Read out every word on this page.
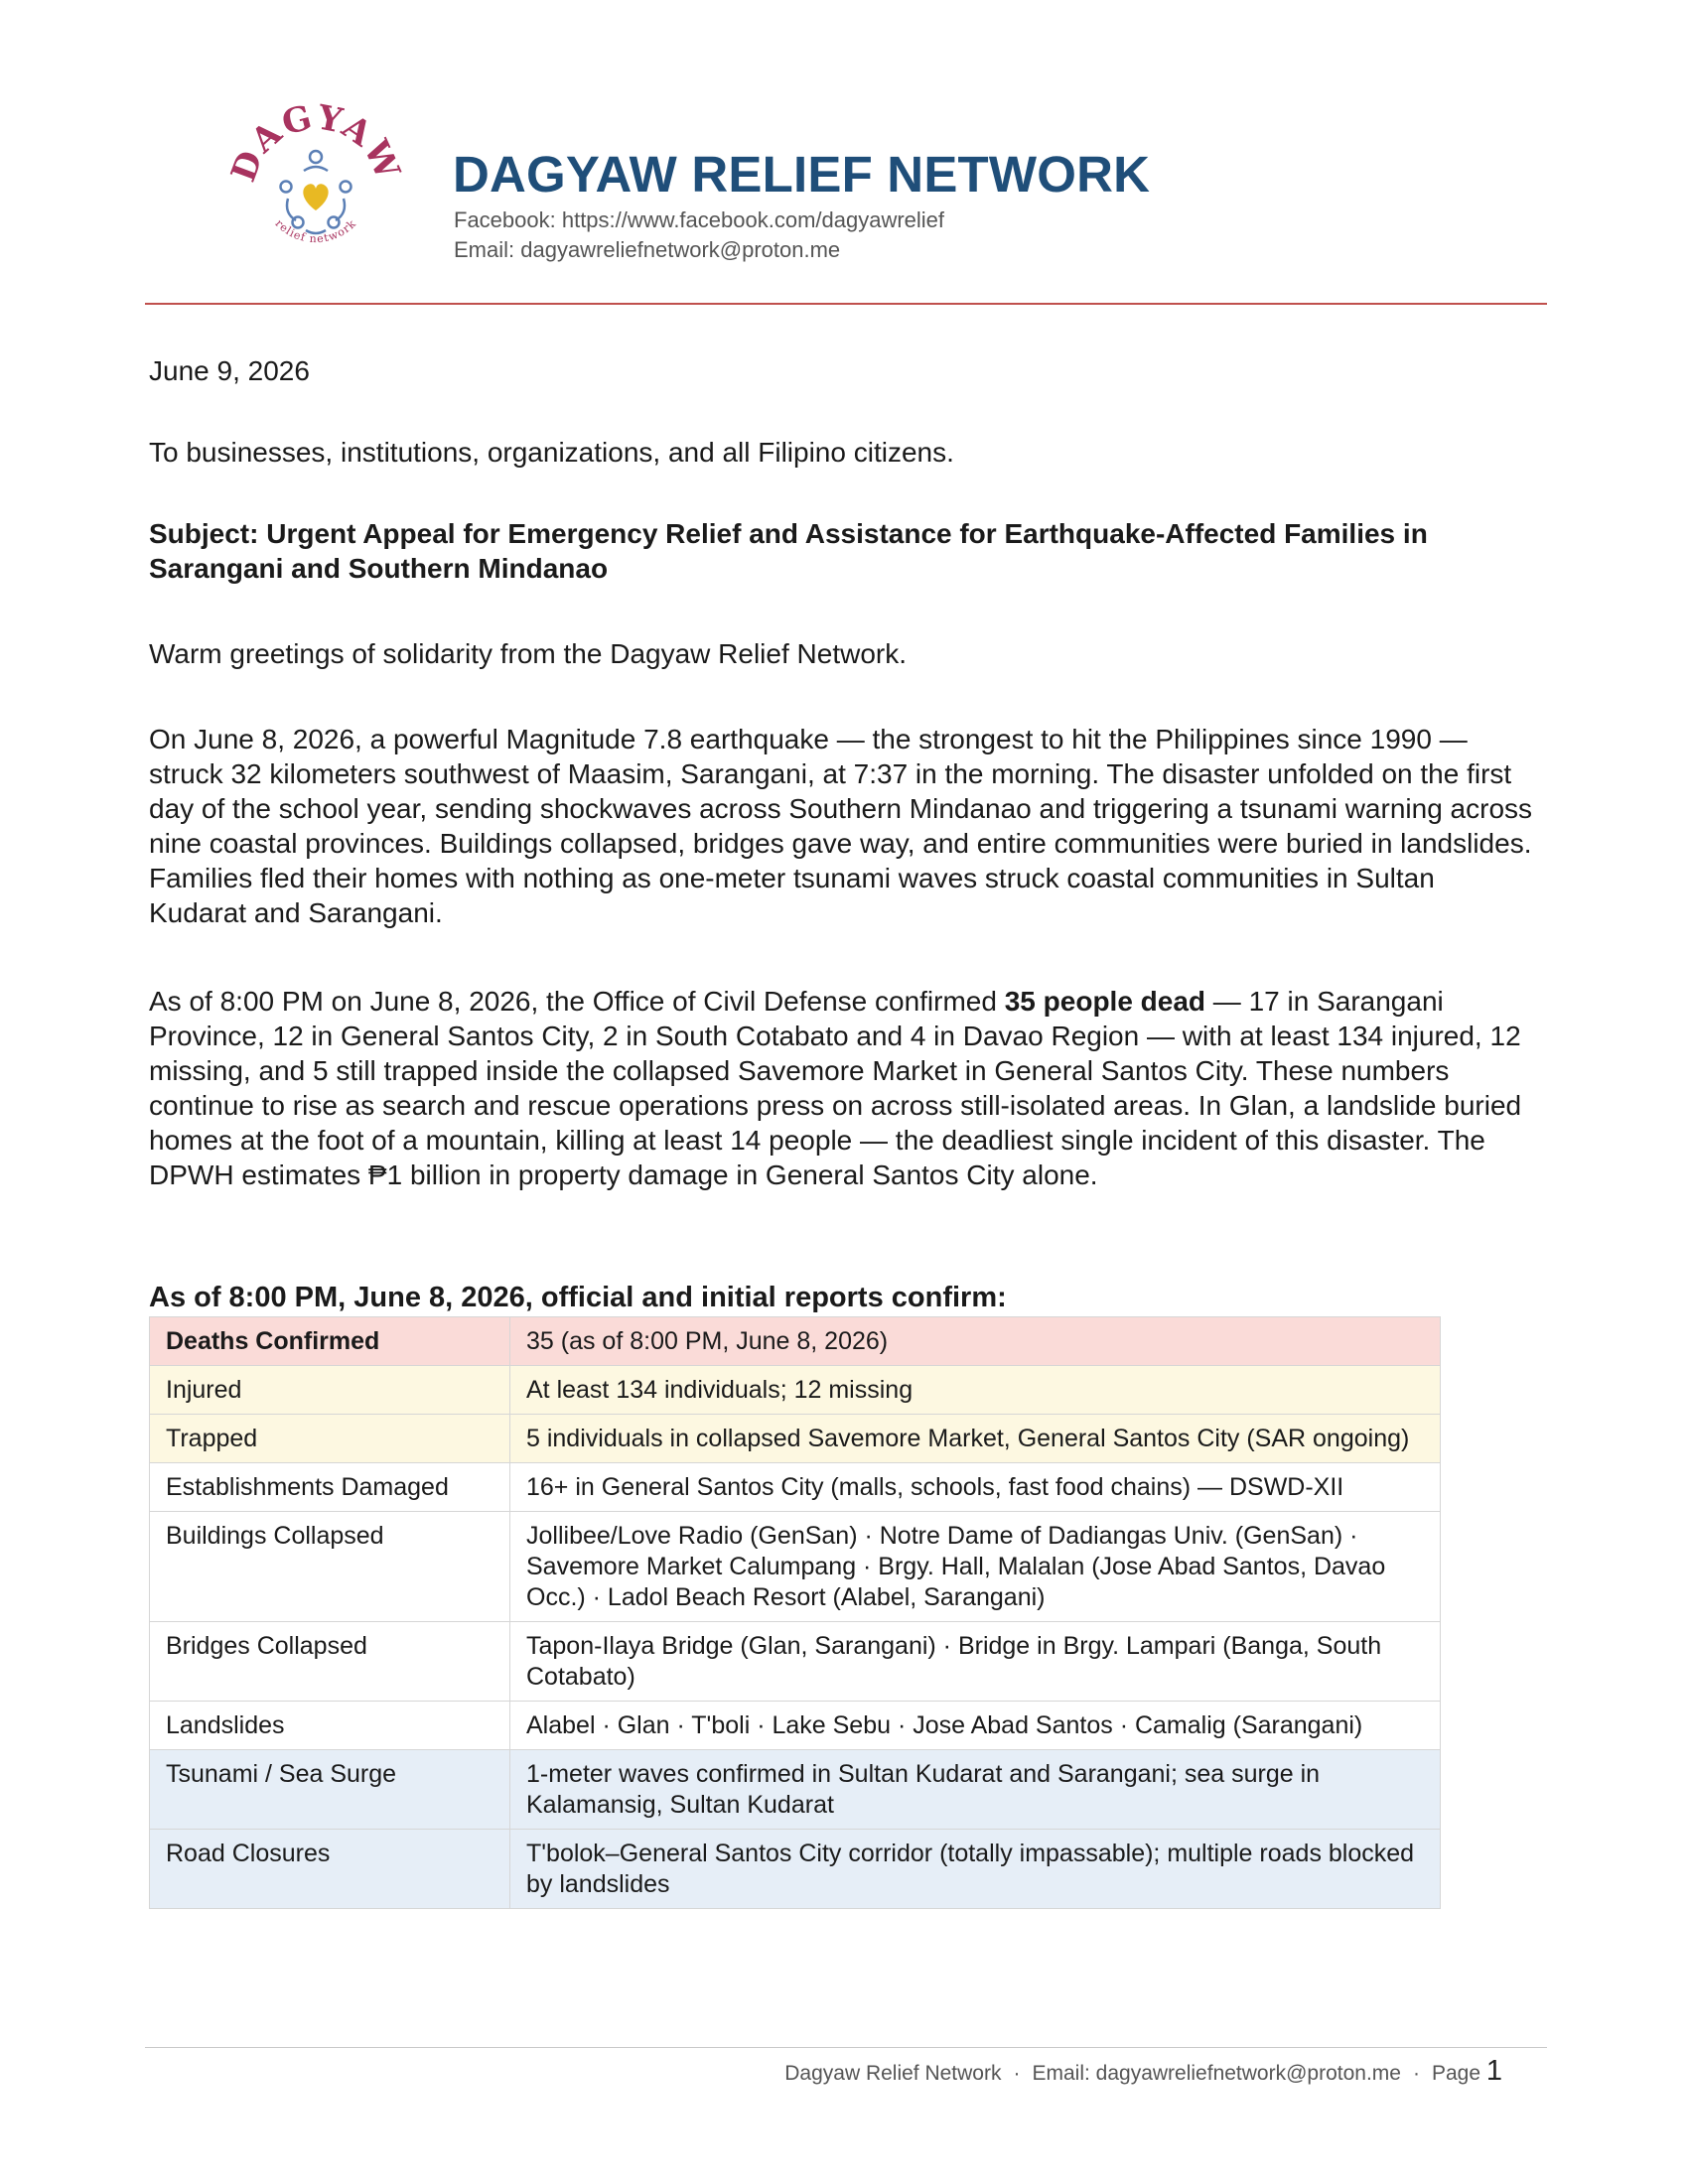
DAGYAW
relief network
DAGYAW RELIEF NETWORK
Facebook: https://www.facebook.com/dagyawrelief
Email: dagyawreliefnetwork@proton.me

June 9, 2026

To businesses, institutions, organizations, and all Filipino citizens.

Subject: Urgent Appeal for Emergency Relief and Assistance for Earthquake-Affected Families in Sarangani and Southern Mindanao

Warm greetings of solidarity from the Dagyaw Relief Network.

On June 8, 2026, a powerful Magnitude 7.8 earthquake — the strongest to hit the Philippines since 1990 — struck 32 kilometers southwest of Maasim, Sarangani, at 7:37 in the morning. The disaster unfolded on the first day of the school year, sending shockwaves across Southern Mindanao and triggering a tsunami warning across nine coastal provinces. Buildings collapsed, bridges gave way, and entire communities were buried in landslides. Families fled their homes with nothing as one-meter tsunami waves struck coastal communities in Sultan Kudarat and Sarangani.

As of 8:00 PM on June 8, 2026, the Office of Civil Defense confirmed 35 people dead — 17 in Sarangani Province, 12 in General Santos City, 2 in South Cotabato and 4 in Davao Region — with at least 134 injured, 12 missing, and 5 still trapped inside the collapsed Savemore Market in General Santos City. These numbers continue to rise as search and rescue operations press on across still-isolated areas. In Glan, a landslide buried homes at the foot of a mountain, killing at least 14 people — the deadliest single incident of this disaster. The DPWH estimates ₱1 billion in property damage in General Santos City alone.

As of 8:00 PM, June 8, 2026, official and initial reports confirm:

Deaths Confirmed	35 (as of 8:00 PM, June 8, 2026)
Injured	At least 134 individuals; 12 missing
Trapped	5 individuals in collapsed Savemore Market, General Santos City (SAR ongoing)
Establishments Damaged	16+ in General Santos City (malls, schools, fast food chains) — DSWD-XII
Buildings Collapsed	Jollibee/Love Radio (GenSan) · Notre Dame of Dadiangas Univ. (GenSan) · Savemore Market Calumpang · Brgy. Hall, Malalan (Jose Abad Santos, Davao Occ.) · Ladol Beach Resort (Alabel, Sarangani)
Bridges Collapsed	Tapon-Ilaya Bridge (Glan, Sarangani) · Bridge in Brgy. Lampari (Banga, South Cotabato)
Landslides	Alabel · Glan · T'boli · Lake Sebu · Jose Abad Santos · Camalig (Sarangani)
Tsunami / Sea Surge	1-meter waves confirmed in Sultan Kudarat and Sarangani; sea surge in Kalamansig, Sultan Kudarat
Road Closures	T'bolok–General Santos City corridor (totally impassable); multiple roads blocked by landslides
Dagyaw Relief Network · Email: dagyawreliefnetwork@proton.me · Page 1
